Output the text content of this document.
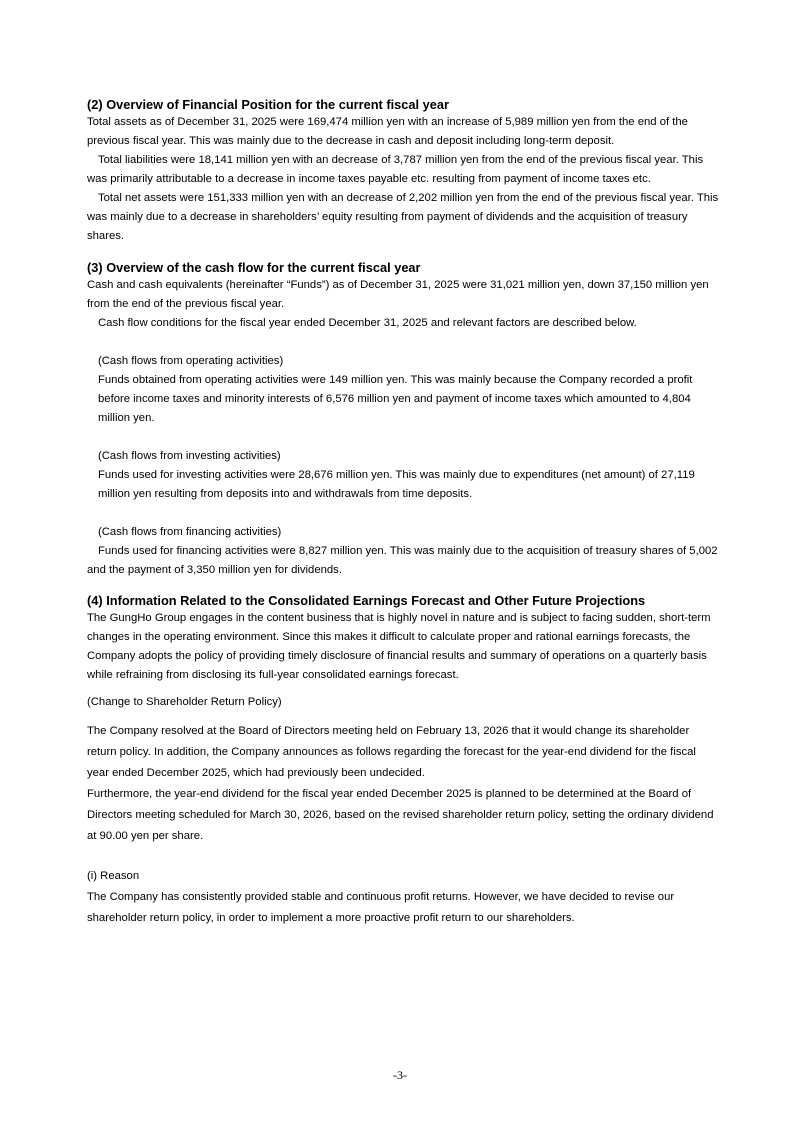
(2) Overview of Financial Position for the current fiscal year

Total assets as of December 31, 2025 were 169,474 million yen with an increase of 5,989 million yen from the end of the previous fiscal year. This was mainly due to the decrease in cash and deposit including long-term deposit.

Total liabilities were 18,141 million yen with an decrease of 3,787 million yen from the end of the previous fiscal year. This was primarily attributable to a decrease in income taxes payable etc. resulting from payment of income taxes etc.

Total net assets were 151,333 million yen with an decrease of 2,202 million yen from the end of the previous fiscal year. This was mainly due to a decrease in shareholders’ equity resulting from payment of dividends and the acquisition of treasury shares.

(3) Overview of the cash flow for the current fiscal year

Cash and cash equivalents (hereinafter “Funds”) as of December 31, 2025 were 31,021 million yen, down 37,150 million yen from the end of the previous fiscal year.

Cash flow conditions for the fiscal year ended December 31, 2025 and relevant factors are described below.

(Cash flows from operating activities)

Funds obtained from operating activities were 149 million yen. This was mainly because the Company recorded a profit before income taxes and minority interests of 6,576 million yen and payment of income taxes which amounted to 4,804 million yen.

(Cash flows from investing activities)

Funds used for investing activities were 28,676 million yen. This was mainly due to expenditures (net amount) of 27,119 million yen resulting from deposits into and withdrawals from time deposits.

(Cash flows from financing activities)

Funds used for financing activities were 8,827 million yen. This was mainly due to the acquisition of treasury shares of 5,002 and the payment of 3,350 million yen for dividends.

(4) Information Related to the Consolidated Earnings Forecast and Other Future Projections

The GungHo Group engages in the content business that is highly novel in nature and is subject to facing sudden, short-term changes in the operating environment. Since this makes it difficult to calculate proper and rational earnings forecasts, the Company adopts the policy of providing timely disclosure of financial results and summary of operations on a quarterly basis while refraining from disclosing its full-year consolidated earnings forecast.

(Change to Shareholder Return Policy)

The Company resolved at the Board of Directors meeting held on February 13, 2026 that it would change its shareholder return policy. In addition, the Company announces as follows regarding the forecast for the year-end dividend for the fiscal year ended December 2025, which had previously been undecided.

Furthermore, the year-end dividend for the fiscal year ended December 2025 is planned to be determined at the Board of Directors meeting scheduled for March 30, 2026, based on the revised shareholder return policy, setting the ordinary dividend at 90.00 yen per share.

(i) Reason

The Company has consistently provided stable and continuous profit returns. However, we have decided to revise our shareholder return policy, in order to implement a more proactive profit return to our shareholders.

-3-
